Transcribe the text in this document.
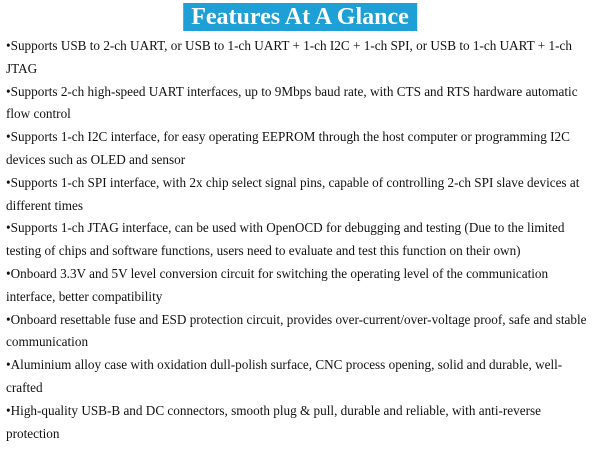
Features At A Glance
•Supports USB to 2-ch UART, or USB to 1-ch UART + 1-ch I2C + 1-ch SPI, or USB to 1-ch UART + 1-ch JTAG
•Supports 2-ch high-speed UART interfaces, up to 9Mbps baud rate, with CTS and RTS hardware automatic flow control
•Supports 1-ch I2C interface, for easy operating EEPROM through the host computer or programming I2C devices such as OLED and sensor
•Supports 1-ch SPI interface, with 2x chip select signal pins, capable of controlling 2-ch SPI slave devices at different times
•Supports 1-ch JTAG interface, can be used with OpenOCD for debugging and testing (Due to the limited testing of chips and software functions, users need to evaluate and test this function on their own)
•Onboard 3.3V and 5V level conversion circuit for switching the operating level of the communication interface, better compatibility
•Onboard resettable fuse and ESD protection circuit, provides over-current/over-voltage proof, safe and stable communication
•Aluminium alloy case with oxidation dull-polish surface, CNC process opening, solid and durable, well-crafted
•High-quality USB-B and DC connectors, smooth plug & pull, durable and reliable, with anti-reverse protection
